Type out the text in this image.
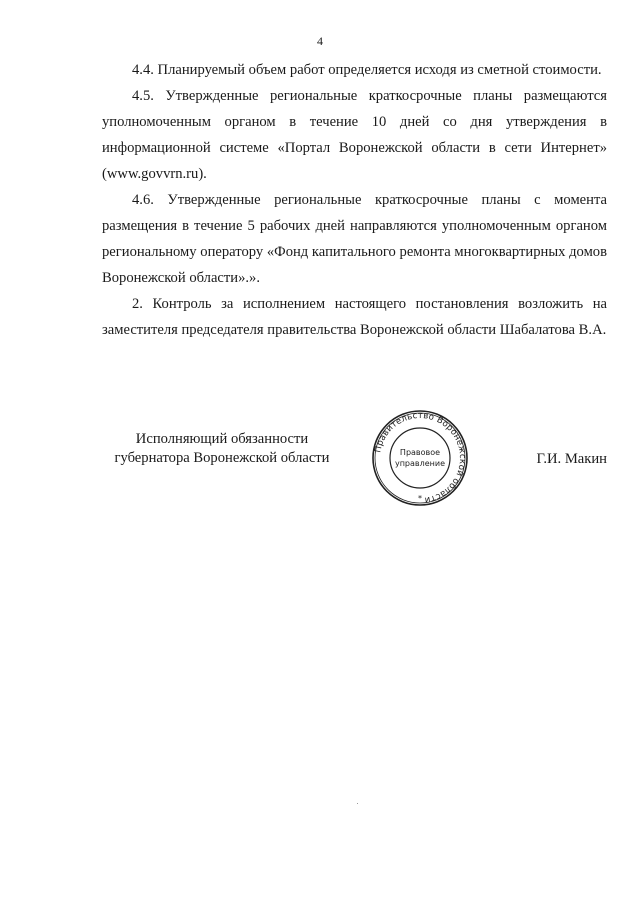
4

4.4. Планируемый объем работ определяется исходя из сметной стоимости.

4.5. Утвержденные региональные краткосрочные планы размещаются уполномоченным органом в течение 10 дней со дня утверждения в информационной системе «Портал Воронежской области в сети Интернет» (www.govvrn.ru).

4.6. Утвержденные региональные краткосрочные планы с момента размещения в течение 5 рабочих дней направляются уполномоченным органом региональному оператору «Фонд капитального ремонта многоквартирных домов Воронежской области».».

2. Контроль за исполнением настоящего постановления возложить на заместителя председателя правительства Воронежской области Шабалатова В.А.

Исполняющий обязанности
губернатора Воронежской области
Правительство Воронежской области
Правовое
управление
*
Г.И. Макин
